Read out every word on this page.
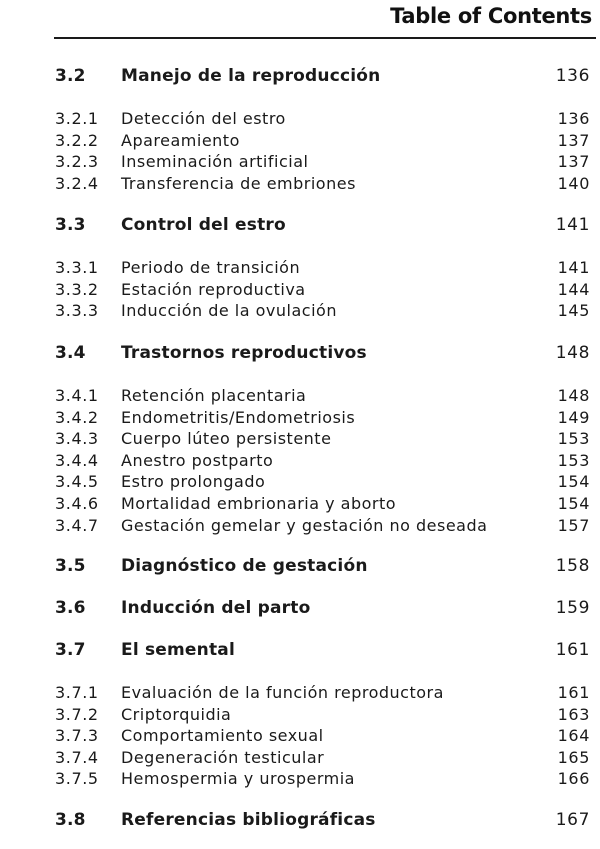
Table of Contents
3.2 Manejo de la reproducción	136
3.2.1 Detección del estro	136
3.2.2 Apareamiento	137
3.2.3 Inseminación artificial	137
3.2.4 Transferencia de embriones	140
3.3 Control del estro	141
3.3.1 Periodo de transición	141
3.3.2 Estación reproductiva	144
3.3.3 Inducción de la ovulación	145
3.4 Trastornos reproductivos	148
3.4.1 Retención placentaria	148
3.4.2 Endometritis/Endometriosis	149
3.4.3 Cuerpo lúteo persistente	153
3.4.4 Anestro postparto	153
3.4.5 Estro prolongado	154
3.4.6 Mortalidad embrionaria y aborto	154
3.4.7 Gestación gemelar y gestación no deseada	157
3.5 Diagnóstico de gestación	158
3.6 Inducción del parto	159
3.7 El semental	161
3.7.1 Evaluación de la función reproductora	161
3.7.2 Criptorquidia	163
3.7.3 Comportamiento sexual	164
3.7.4 Degeneración testicular	165
3.7.5 Hemospermia y urospermia	166
3.8 Referencias bibliográficas	167
